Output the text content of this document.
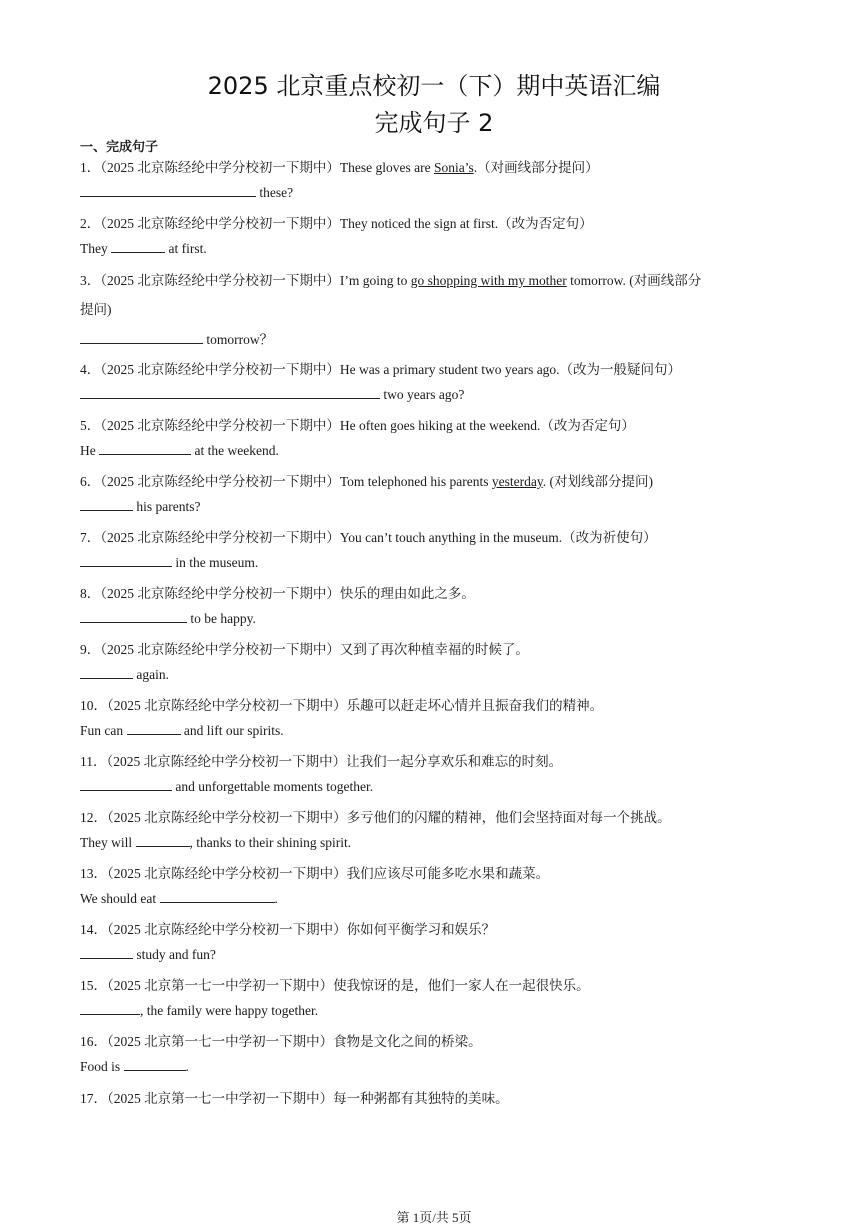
2025 北京重点校初一（下）期中英语汇编
完成句子 2
一、完成句子
1．（2025 北京陈经纶中学分校初一下期中）These gloves are Sonia’s.（对画线部分提问）
these?
2．（2025 北京陈经纶中学分校初一下期中）They noticed the sign at first.（改为否定句）
They	at first.
3．（2025 北京陈经纶中学分校初一下期中）I’m going to go shopping with my mother tomorrow. (对画线部分
提问)
tomorrow？
4．（2025 北京陈经纶中学分校初一下期中）He was a primary student two years ago.（改为一般疑问句）
two years ago?
5．（2025 北京陈经纶中学分校初一下期中）He often goes hiking at the weekend.（改为否定句）
He	at the weekend.
6．（2025 北京陈经纶中学分校初一下期中）Tom telephoned his parents yesterday. (对划线部分提问)
his parents?
7．（2025 北京陈经纶中学分校初一下期中）You can’t touch anything in the museum.（改为祈使句）
in the museum.
8．（2025 北京陈经纶中学分校初一下期中）快乐的理由如此之多。
to be happy.
9．（2025 北京陈经纶中学分校初一下期中）又到了再次种植幸福的时候了。
again.
10．（2025 北京陈经纶中学分校初一下期中）乐趣可以赶走坏心情并且振奋我们的精神。
Fun can	and lift our spirits.
11．（2025 北京陈经纶中学分校初一下期中）让我们一起分享欢乐和难忘的时刻。
and unforgettable moments together.
12．（2025 北京陈经纶中学分校初一下期中）多亏他们的闪耀的精神，他们会坚持面对每一个挑战。
They will	, thanks to their shining spirit.
13．（2025 北京陈经纶中学分校初一下期中）我们应该尽可能多吃水果和蔬菜。
We should eat	.
14．（2025 北京陈经纶中学分校初一下期中）你如何平衡学习和娱乐？
study and fun?
15．（2025 北京第一七一中学初一下期中）使我惊讶的是，他们一家人在一起很快乐。
, the family were happy together.
16．（2025 北京第一七一中学初一下期中）食物是文化之间的桥梁。
Food is	.
17．（2025 北京第一七一中学初一下期中）每一种粥都有其独特的美味。
第 1页/共 5页
